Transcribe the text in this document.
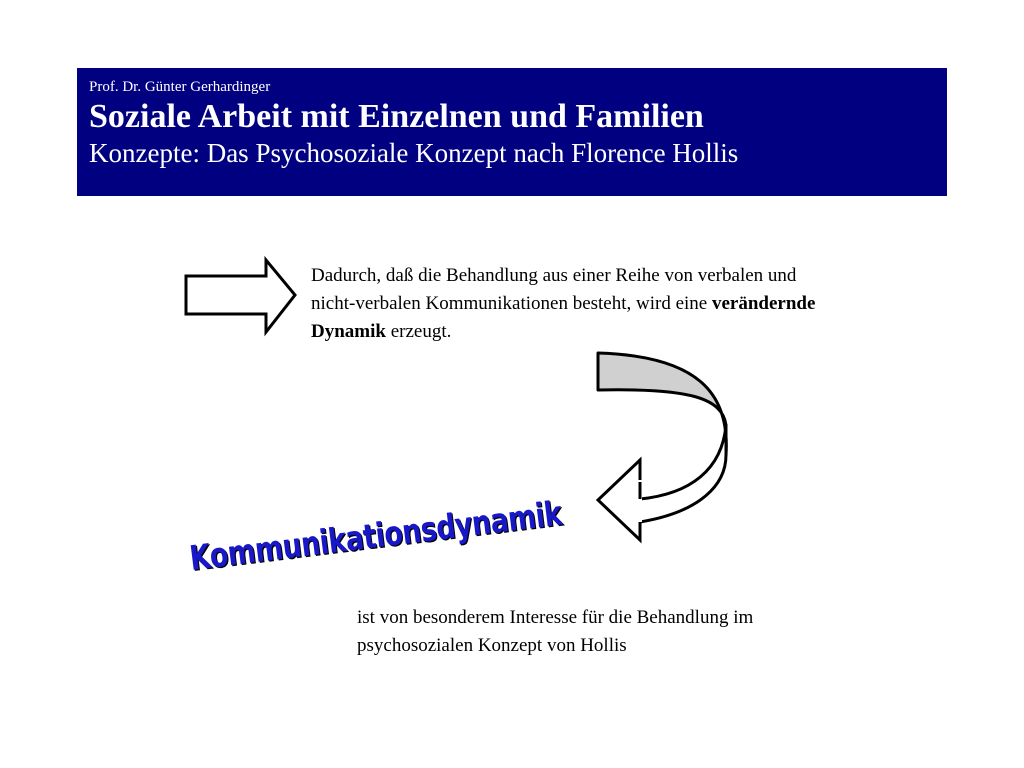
Prof. Dr. Günter Gerhardinger
Soziale Arbeit mit Einzelnen und Familien
Konzepte: Das Psychosoziale Konzept nach Florence Hollis
Dadurch, daß die Behandlung aus einer Reihe von verbalen und nicht-verbalen Kommunikationen besteht, wird eine verändernde Dynamik erzeugt.
Kommunikationsdynamik
ist von besonderem Interesse für die Behandlung im psychosozialen Konzept von Hollis
